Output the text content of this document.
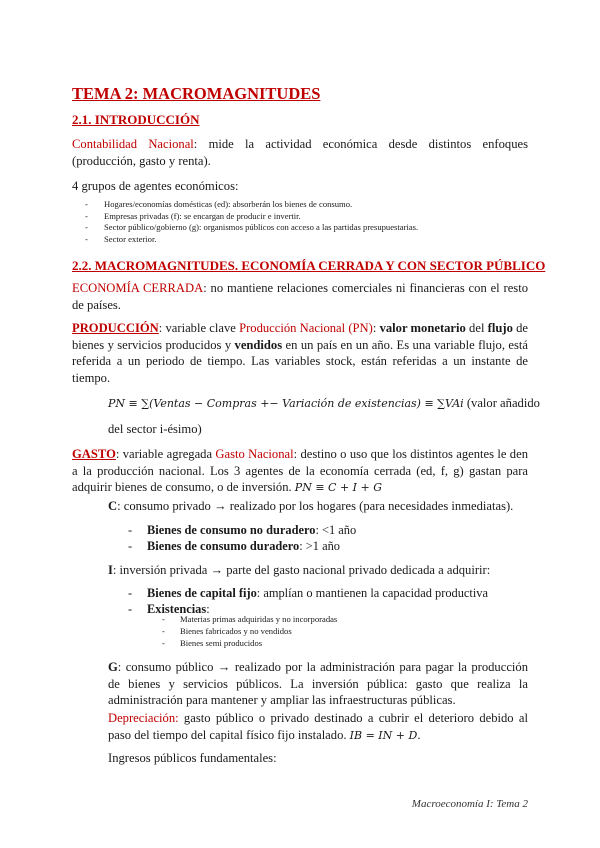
TEMA 2: MACROMAGNITUDES
2.1. INTRODUCCIÓN
Contabilidad Nacional: mide la actividad económica desde distintos enfoques (producción, gasto y renta).
4 grupos de agentes económicos:
- Hogares/economías domésticas (ed): absorberán los bienes de consumo.
- Empresas privadas (f): se encargan de producir e invertir.
- Sector público/gobierno (g): organismos públicos con acceso a las partidas presupuestarias.
- Sector exterior.
2.2. MACROMAGNITUDES. ECONOMÍA CERRADA Y CON SECTOR PÚBLICO
ECONOMÍA CERRADA: no mantiene relaciones comerciales ni financieras con el resto de países.
PRODUCCIÓN: variable clave Producción Nacional (PN): valor monetario del flujo de bienes y servicios producidos y vendidos en un país en un año. Es una variable flujo, está referida a un periodo de tiempo. Las variables stock, están referidas a un instante de tiempo.
PN ≡ ∑(Ventas − Compras +− Variación de existencias) ≡ ∑VAi (valor añadido
del sector i-ésimo)
GASTO: variable agregada Gasto Nacional: destino o uso que los distintos agentes le den a la producción nacional. Los 3 agentes de la economía cerrada (ed, f, g) gastan para adquirir bienes de consumo, o de inversión. PN ≡ C + I + G
C: consumo privado → realizado por los hogares (para necesidades inmediatas).
- Bienes de consumo no duradero: <1 año
- Bienes de consumo duradero: >1 año
I: inversión privada → parte del gasto nacional privado dedicada a adquirir:
- Bienes de capital fijo: amplían o mantienen la capacidad productiva
- Existencias:
- Materias primas adquiridas y no incorporadas
- Bienes fabricados y no vendidos
- Bienes semi producidos
G: consumo público → realizado por la administración para pagar la producción de bienes y servicios públicos. La inversión pública: gasto que realiza la administración para mantener y ampliar las infraestructuras públicas.
Depreciación: gasto público o privado destinado a cubrir el deterioro debido al paso del tiempo del capital físico fijo instalado. IB = IN + D.
Ingresos públicos fundamentales:
Macroeconomía I: Tema 2
